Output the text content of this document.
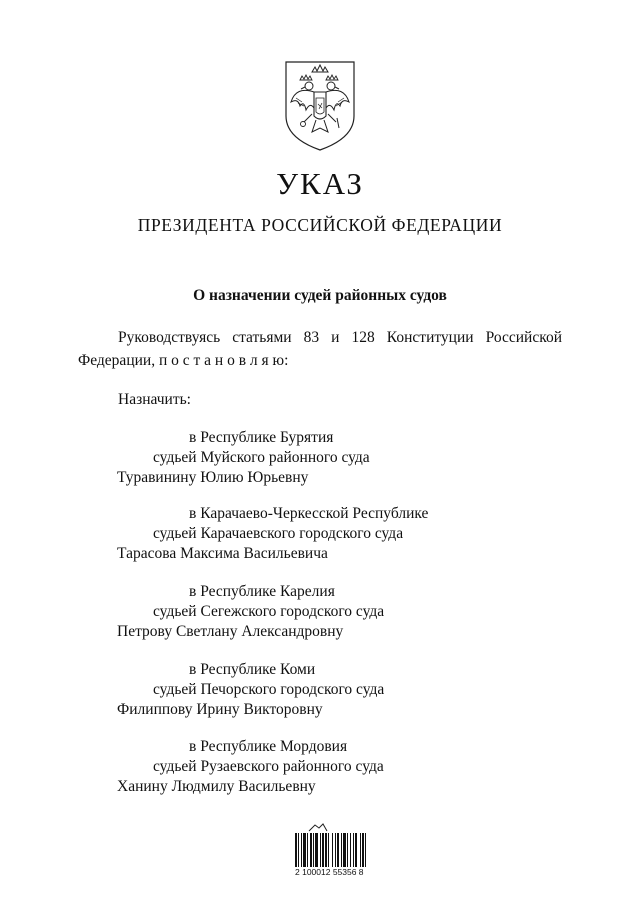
УКАЗ
ПРЕЗИДЕНТА РОССИЙСКОЙ ФЕДЕРАЦИИ
О назначении судей районных судов
Руководствуясь статьями 83 и 128 Конституции Российской
Федерации, п о с т а н о в л я ю:
Назначить:
в Республике Бурятия
судьей Муйского районного суда
Туравинину Юлию Юрьевну
в Карачаево-Черкесской Республике
судьей Карачаевского городского суда
Тарасова Максима Васильевича
в Республике Карелия
судьей Сегежского городского суда
Петрову Светлану Александровну
в Республике Коми
судьей Печорского городского суда
Филиппову Ирину Викторовну
в Республике Мордовия
судьей Рузаевского районного суда
Ханину Людмилу Васильевну
2 100012 55356 8
